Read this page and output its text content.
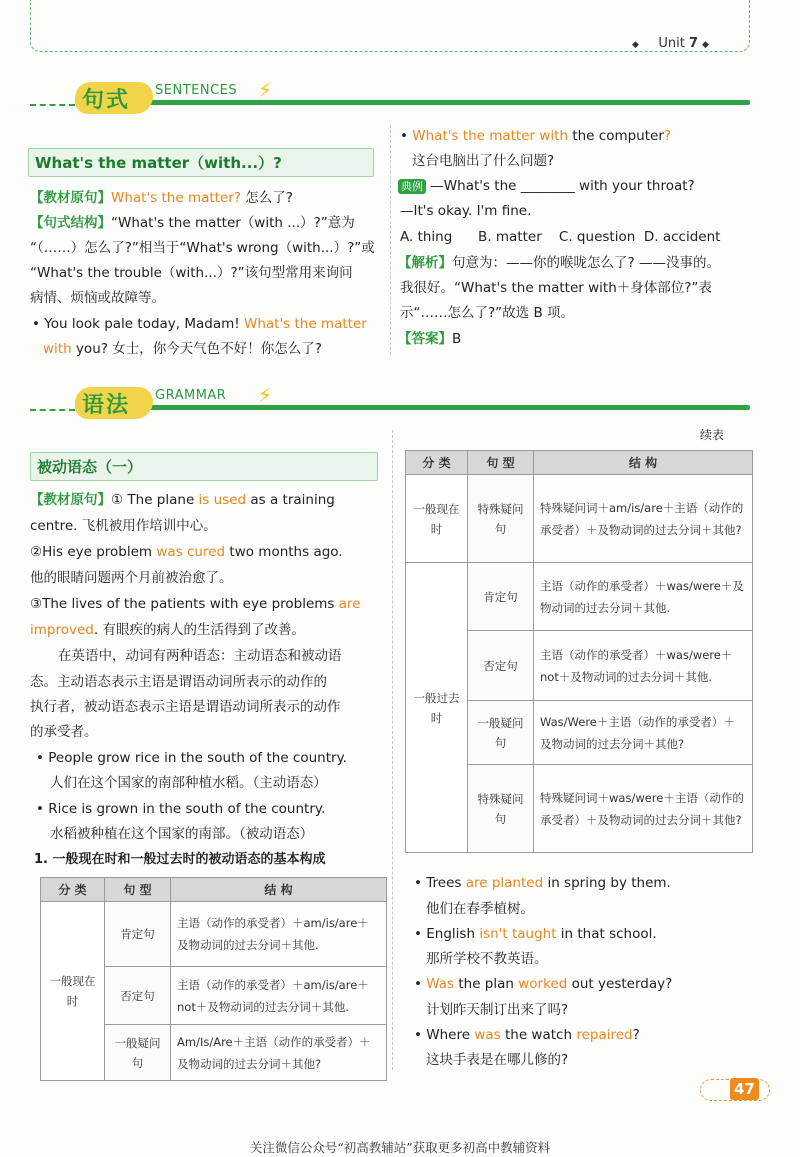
◆	Unit 7 ◆
句式 SENTENCES ⚡
What's the matter（with...）?
【教材原句】What's the matter? 怎么了?
【句式结构】“What's the matter（with ...）?”意为
“（……）怎么了?”相当于“What's wrong（with...）?”或
“What's the trouble（with...）?”该句型常用来询问
病情、烦恼或故障等。
• You look pale today, Madam! What's the matter
with you? 女士，你今天气色不好！你怎么了?
• What's the matter with the computer?
这台电脑出了什么问题?
典例 —What's the ________ with your throat?
—It's okay. I'm fine.
A. thing      B. matter    C. question  D. accident
【解析】句意为：——你的喉咙怎么了? ——没事的。
我很好。“What's the matter with＋身体部位?”表
示“……怎么了?”故选 B 项。
【答案】B
语法 GRAMMAR ⚡
被动语态（一）
【教材原句】① The plane is used as a training
centre. 飞机被用作培训中心。
②His eye problem was cured two months ago.
他的眼睛问题两个月前被治愈了。
③The lives of the patients with eye problems are
improved. 有眼疾的病人的生活得到了改善。
在英语中，动词有两种语态：主动语态和被动语
态。主动语态表示主语是谓语动词所表示的动作的
执行者，被动语态表示主语是谓语动词所表示的动作
的承受者。
• People grow rice in the south of the country.
人们在这个国家的南部种植水稻。（主动语态）
• Rice is grown in the south of the country.
水稻被种植在这个国家的南部。（被动语态）
1. 一般现在时和一般过去时的被动语态的基本构成
分 类	句 型	结 构
一般现在时	肯定句	主语（动作的承受者）＋am/is/are＋及物动词的过去分词＋其他.
	否定句	主语（动作的承受者）＋am/is/are＋not＋及物动词的过去分词＋其他.
	一般疑问句	Am/Is/Are＋主语（动作的承受者）＋及物动词的过去分词＋其他?
续表
分 类	句 型	结 构
一般现在时	特殊疑问句	特殊疑问词＋am/is/are＋主语（动作的承受者）＋及物动词的过去分词＋其他?
一般过去时	肯定句	主语（动作的承受者）＋was/were＋及物动词的过去分词＋其他.
	否定句	主语（动作的承受者）＋was/were＋not＋及物动词的过去分词＋其他.
	一般疑问句	Was/Were＋主语（动作的承受者）＋及物动词的过去分词＋其他?
	特殊疑问句	特殊疑问词＋was/were＋主语（动作的承受者）＋及物动词的过去分词＋其他?
• Trees are planted in spring by them.
他们在春季植树。
• English isn't taught in that school.
那所学校不教英语。
• Was the plan worked out yesterday?
计划昨天制订出来了吗?
• Where was the watch repaired?
这块手表是在哪儿修的?
47
关注微信公众号“初高教辅站”获取更多初高中教辅资料
